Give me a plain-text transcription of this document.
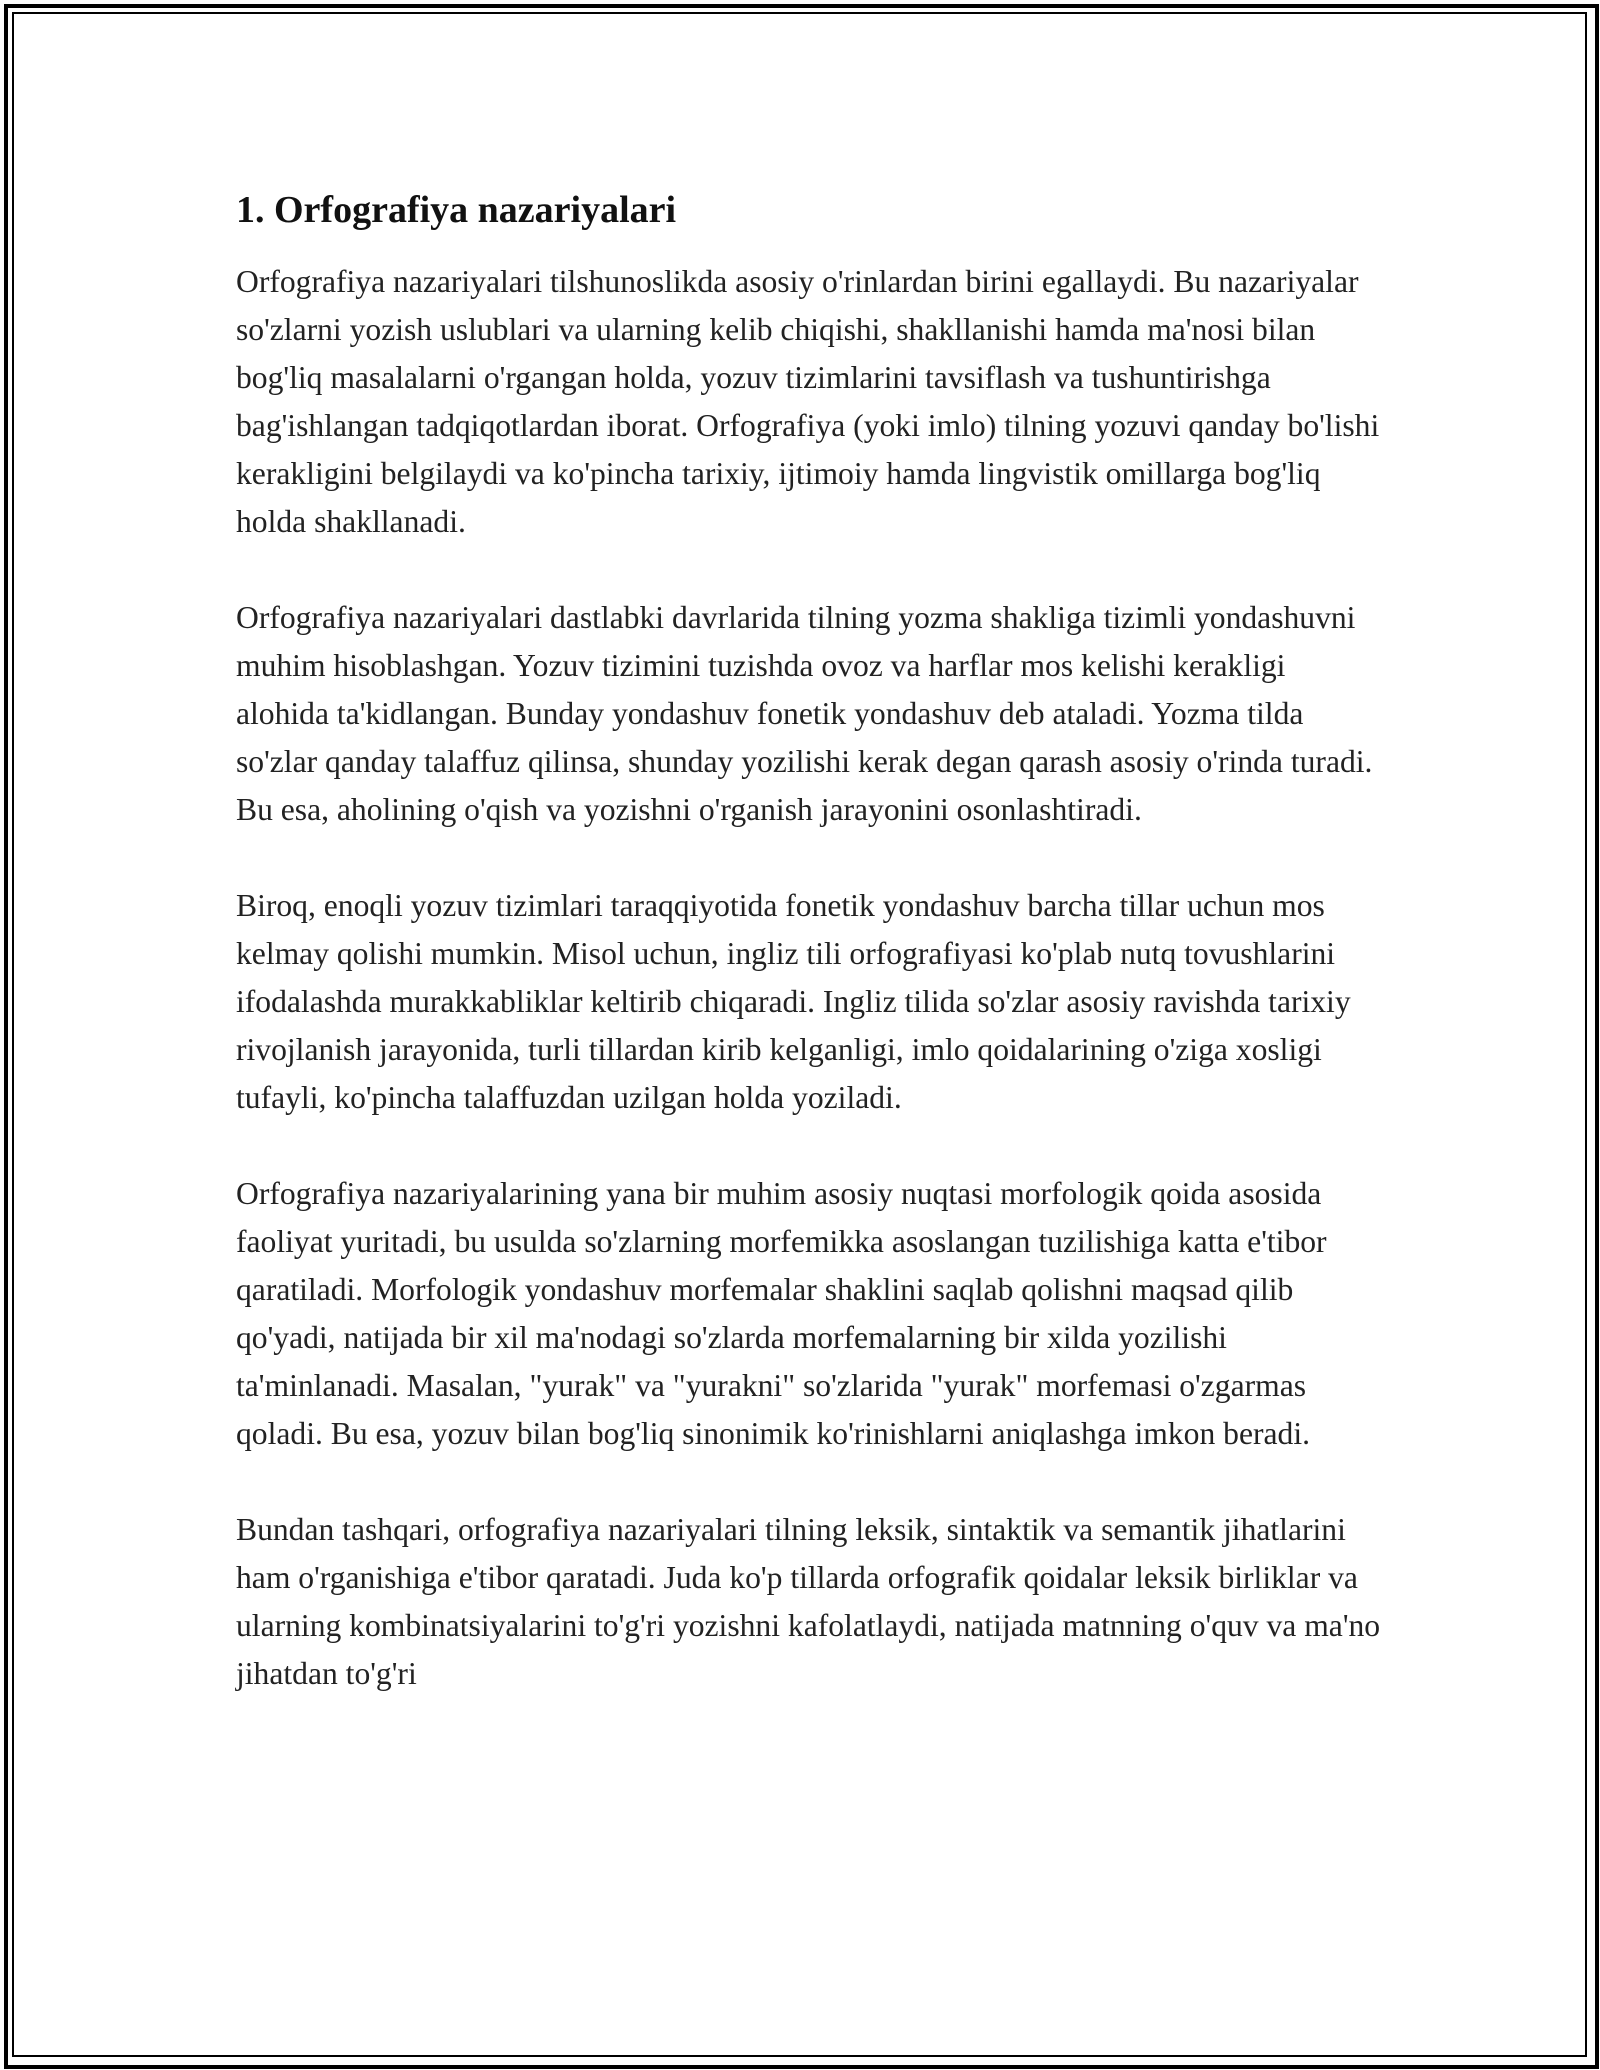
1. Orfografiya nazariyalari

Orfografiya nazariyalari tilshunoslikda asosiy o'rinlardan birini egallaydi. Bu nazariyalar so'zlarni yozish uslublari va ularning kelib chiqishi, shakllanishi hamda ma'nosi bilan bog'liq masalalarni o'rgangan holda, yozuv tizimlarini tavsiflash va tushuntirishga bag'ishlangan tadqiqotlardan iborat. Orfografiya (yoki imlo) tilning yozuvi qanday bo'lishi kerakligini belgilaydi va ko'pincha tarixiy, ijtimoiy hamda lingvistik omillarga bog'liq holda shakllanadi.

Orfografiya nazariyalari dastlabki davrlarida tilning yozma shakliga tizimli yondashuvni muhim hisoblashgan. Yozuv tizimini tuzishda ovoz va harflar mos kelishi kerakligi alohida ta'kidlangan. Bunday yondashuv fonetik yondashuv deb ataladi. Yozma tilda so'zlar qanday talaffuz qilinsa, shunday yozilishi kerak degan qarash asosiy o'rinda turadi. Bu esa, aholining o'qish va yozishni o'rganish jarayonini osonlashtiradi.

Biroq, enoqli yozuv tizimlari taraqqiyotida fonetik yondashuv barcha tillar uchun mos kelmay qolishi mumkin. Misol uchun, ingliz tili orfografiyasi ko'plab nutq tovushlarini ifodalashda murakkabliklar keltirib chiqaradi. Ingliz tilida so'zlar asosiy ravishda tarixiy rivojlanish jarayonida, turli tillardan kirib kelganligi, imlo qoidalarining o'ziga xosligi tufayli, ko'pincha talaffuzdan uzilgan holda yoziladi.

Orfografiya nazariyalarining yana bir muhim asosiy nuqtasi morfologik qoida asosida faoliyat yuritadi, bu usulda so'zlarning morfemikka asoslangan tuzilishiga katta e'tibor qaratiladi. Morfologik yondashuv morfemalar shaklini saqlab qolishni maqsad qilib qo'yadi, natijada bir xil ma'nodagi so'zlarda morfemalarning bir xilda yozilishi ta'minlanadi. Masalan, "yurak" va "yurakni" so'zlarida "yurak" morfemasi o'zgarmas qoladi. Bu esa, yozuv bilan bog'liq sinonimik ko'rinishlarni aniqlashga imkon beradi.

Bundan tashqari, orfografiya nazariyalari tilning leksik, sintaktik va semantik jihatlarini ham o'rganishiga e'tibor qaratadi. Juda ko'p tillarda orfografik qoidalar leksik birliklar va ularning kombinatsiyalarini to'g'ri yozishni kafolatlaydi, natijada matnning o'quv va ma'no jihatdan to'g'ri
